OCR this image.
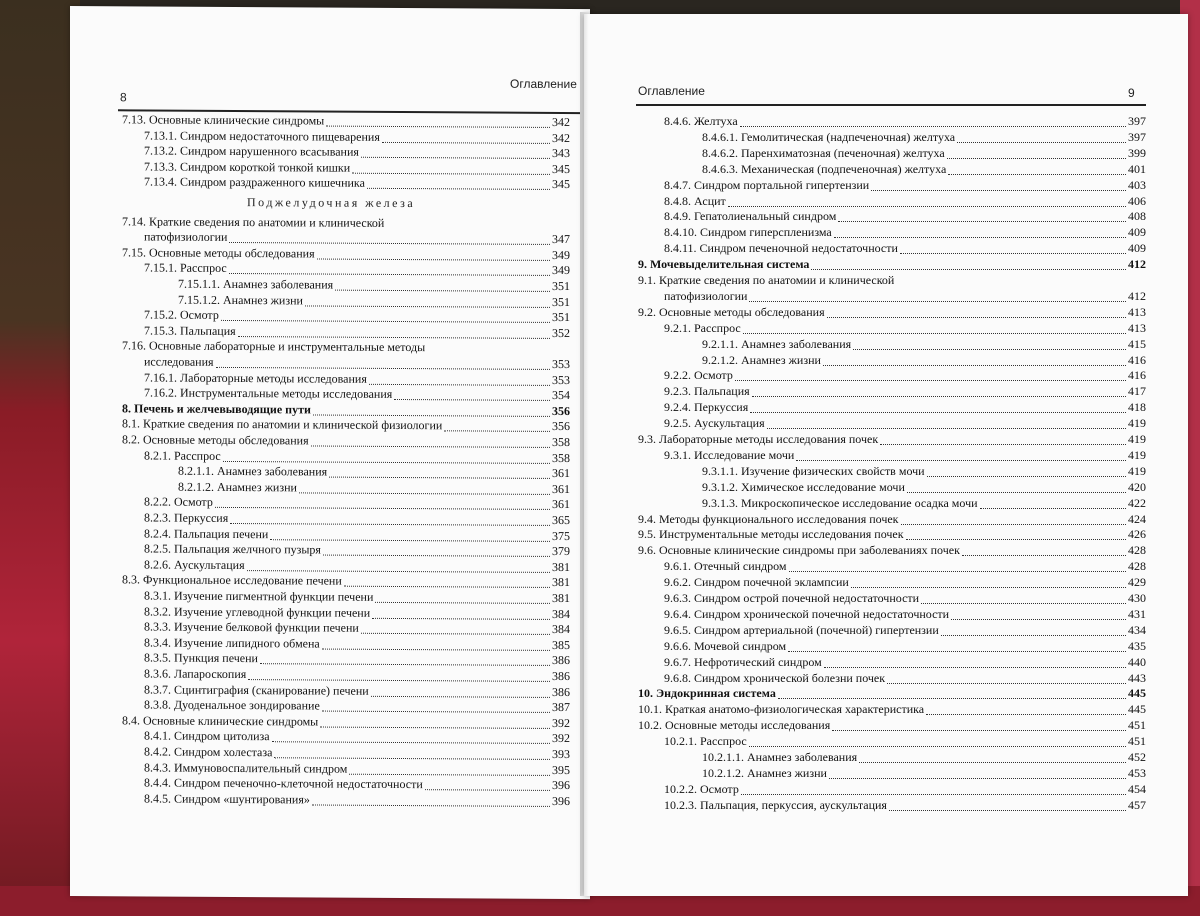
8
Оглавление
7.13. Основные клинические синдромы	342
7.13.1. Синдром недостаточного пищеварения	342
7.13.2. Синдром нарушенного всасывания	343
7.13.3. Синдром короткой тонкой кишки	345
7.13.4. Синдром раздраженного кишечника	345
Поджелудочная железа
7.14. Краткие сведения по анатомии и клинической
патофизиологии	347
7.15. Основные методы обследования	349
7.15.1. Расспрос	349
7.15.1.1. Анамнез заболевания	351
7.15.1.2. Анамнез жизни	351
7.15.2. Осмотр	351
7.15.3. Пальпация	352
7.16. Основные лабораторные и инструментальные методы
исследования	353
7.16.1. Лабораторные методы исследования	353
7.16.2. Инструментальные методы исследования	354
8. Печень и желчевыводящие пути	356
8.1. Краткие сведения по анатомии и клинической физиологии	356
8.2. Основные методы обследования	358
8.2.1. Расспрос	358
8.2.1.1. Анамнез заболевания	361
8.2.1.2. Анамнез жизни	361
8.2.2. Осмотр	361
8.2.3. Перкуссия	365
8.2.4. Пальпация печени	375
8.2.5. Пальпация желчного пузыря	379
8.2.6. Аускультация	381
8.3. Функциональное исследование печени	381
8.3.1. Изучение пигментной функции печени	381
8.3.2. Изучение углеводной функции печени	384
8.3.3. Изучение белковой функции печени	384
8.3.4. Изучение липидного обмена	385
8.3.5. Пункция печени	386
8.3.6. Лапароскопия	386
8.3.7. Сцинтиграфия (сканирование) печени	386
8.3.8. Дуоденальное зондирование	387
8.4. Основные клинические синдромы	392
8.4.1. Синдром цитолиза	392
8.4.2. Синдром холестаза	393
8.4.3. Иммуновоспалительный синдром	395
8.4.4. Синдром печеночно-клеточной недостаточности	396
8.4.5. Синдром «шунтирования»	396
Оглавление	9
8.4.6. Желтуха	397
8.4.6.1. Гемолитическая (надпеченочная) желтуха	397
8.4.6.2. Паренхиматозная (печеночная) желтуха	399
8.4.6.3. Механическая (подпеченочная) желтуха	401
8.4.7. Синдром портальной гипертензии	403
8.4.8. Асцит	406
8.4.9. Гепатолиенальный синдром	408
8.4.10. Синдром гиперспленизма	409
8.4.11. Синдром печеночной недостаточности	409
9. Мочевыделительная система	412
9.1. Краткие сведения по анатомии и клинической
патофизиологии	412
9.2. Основные методы обследования	413
9.2.1. Расспрос	413
9.2.1.1. Анамнез заболевания	415
9.2.1.2. Анамнез жизни	416
9.2.2. Осмотр	416
9.2.3. Пальпация	417
9.2.4. Перкуссия	418
9.2.5. Аускультация	419
9.3. Лабораторные методы исследования почек	419
9.3.1. Исследование мочи	419
9.3.1.1. Изучение физических свойств мочи	419
9.3.1.2. Химическое исследование мочи	420
9.3.1.3. Микроскопическое исследование осадка мочи	422
9.4. Методы функционального исследования почек	424
9.5. Инструментальные методы исследования почек	426
9.6. Основные клинические синдромы при заболеваниях почек	428
9.6.1. Отечный синдром	428
9.6.2. Синдром почечной эклампсии	429
9.6.3. Синдром острой почечной недостаточности	430
9.6.4. Синдром хронической почечной недостаточности	431
9.6.5. Синдром артериальной (почечной) гипертензии	434
9.6.6. Мочевой синдром	435
9.6.7. Нефротический синдром	440
9.6.8. Синдром хронической болезни почек	443
10. Эндокринная система	445
10.1. Краткая анатомо-физиологическая характеристика	445
10.2. Основные методы исследования	451
10.2.1. Расспрос	451
10.2.1.1. Анамнез заболевания	452
10.2.1.2. Анамнез жизни	453
10.2.2. Осмотр	454
10.2.3. Пальпация, перкуссия, аускультация	457
